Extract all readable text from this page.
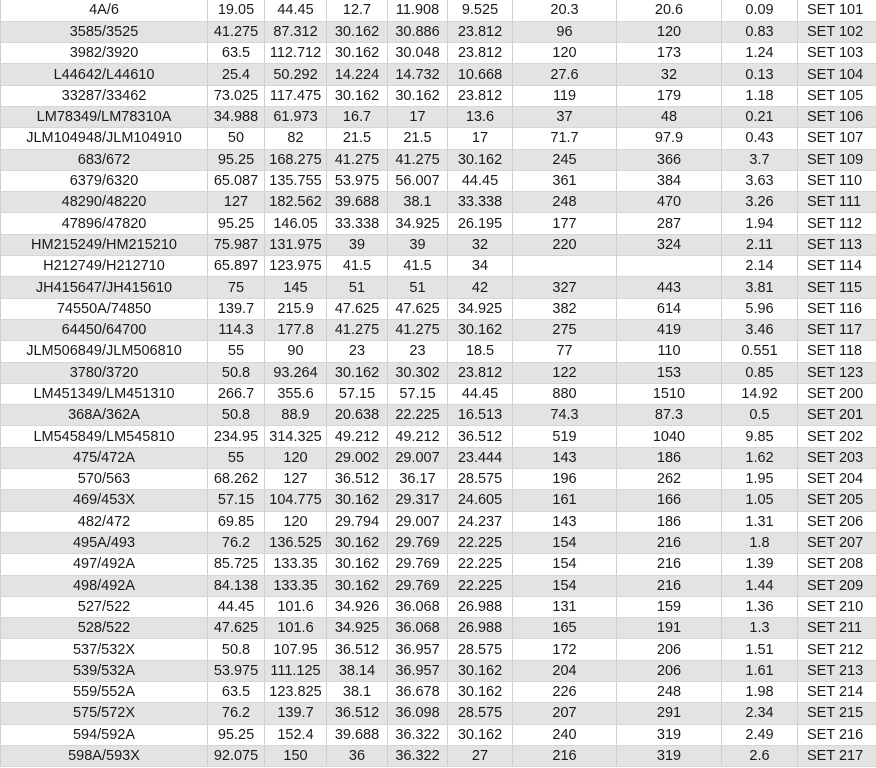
4A/6	19.05	44.45	12.7	11.908	9.525	20.3	20.6	0.09	SET 101
3585/3525	41.275	87.312	30.162	30.886	23.812	96	120	0.83	SET 102
3982/3920	63.5	112.712	30.162	30.048	23.812	120	173	1.24	SET 103
L44642/L44610	25.4	50.292	14.224	14.732	10.668	27.6	32	0.13	SET 104
33287/33462	73.025	117.475	30.162	30.162	23.812	119	179	1.18	SET 105
LM78349/LM78310A	34.988	61.973	16.7	17	13.6	37	48	0.21	SET 106
JLM104948/JLM104910	50	82	21.5	21.5	17	71.7	97.9	0.43	SET 107
683/672	95.25	168.275	41.275	41.275	30.162	245	366	3.7	SET 109
6379/6320	65.087	135.755	53.975	56.007	44.45	361	384	3.63	SET 110
48290/48220	127	182.562	39.688	38.1	33.338	248	470	3.26	SET 111
47896/47820	95.25	146.05	33.338	34.925	26.195	177	287	1.94	SET 112
HM215249/HM215210	75.987	131.975	39	39	32	220	324	2.11	SET 113
H212749/H212710	65.897	123.975	41.5	41.5	34			2.14	SET 114
JH415647/JH415610	75	145	51	51	42	327	443	3.81	SET 115
74550A/74850	139.7	215.9	47.625	47.625	34.925	382	614	5.96	SET 116
64450/64700	114.3	177.8	41.275	41.275	30.162	275	419	3.46	SET 117
JLM506849/JLM506810	55	90	23	23	18.5	77	110	0.551	SET 118
3780/3720	50.8	93.264	30.162	30.302	23.812	122	153	0.85	SET 123
LM451349/LM451310	266.7	355.6	57.15	57.15	44.45	880	1510	14.92	SET 200
368A/362A	50.8	88.9	20.638	22.225	16.513	74.3	87.3	0.5	SET 201
LM545849/LM545810	234.95	314.325	49.212	49.212	36.512	519	1040	9.85	SET 202
475/472A	55	120	29.002	29.007	23.444	143	186	1.62	SET 203
570/563	68.262	127	36.512	36.17	28.575	196	262	1.95	SET 204
469/453X	57.15	104.775	30.162	29.317	24.605	161	166	1.05	SET 205
482/472	69.85	120	29.794	29.007	24.237	143	186	1.31	SET 206
495A/493	76.2	136.525	30.162	29.769	22.225	154	216	1.8	SET 207
497/492A	85.725	133.35	30.162	29.769	22.225	154	216	1.39	SET 208
498/492A	84.138	133.35	30.162	29.769	22.225	154	216	1.44	SET 209
527/522	44.45	101.6	34.926	36.068	26.988	131	159	1.36	SET 210
528/522	47.625	101.6	34.925	36.068	26.988	165	191	1.3	SET 211
537/532X	50.8	107.95	36.512	36.957	28.575	172	206	1.51	SET 212
539/532A	53.975	111.125	38.14	36.957	30.162	204	206	1.61	SET 213
559/552A	63.5	123.825	38.1	36.678	30.162	226	248	1.98	SET 214
575/572X	76.2	139.7	36.512	36.098	28.575	207	291	2.34	SET 215
594/592A	95.25	152.4	39.688	36.322	30.162	240	319	2.49	SET 216
598A/593X	92.075	150	36	36.322	27	216	319	2.6	SET 217
